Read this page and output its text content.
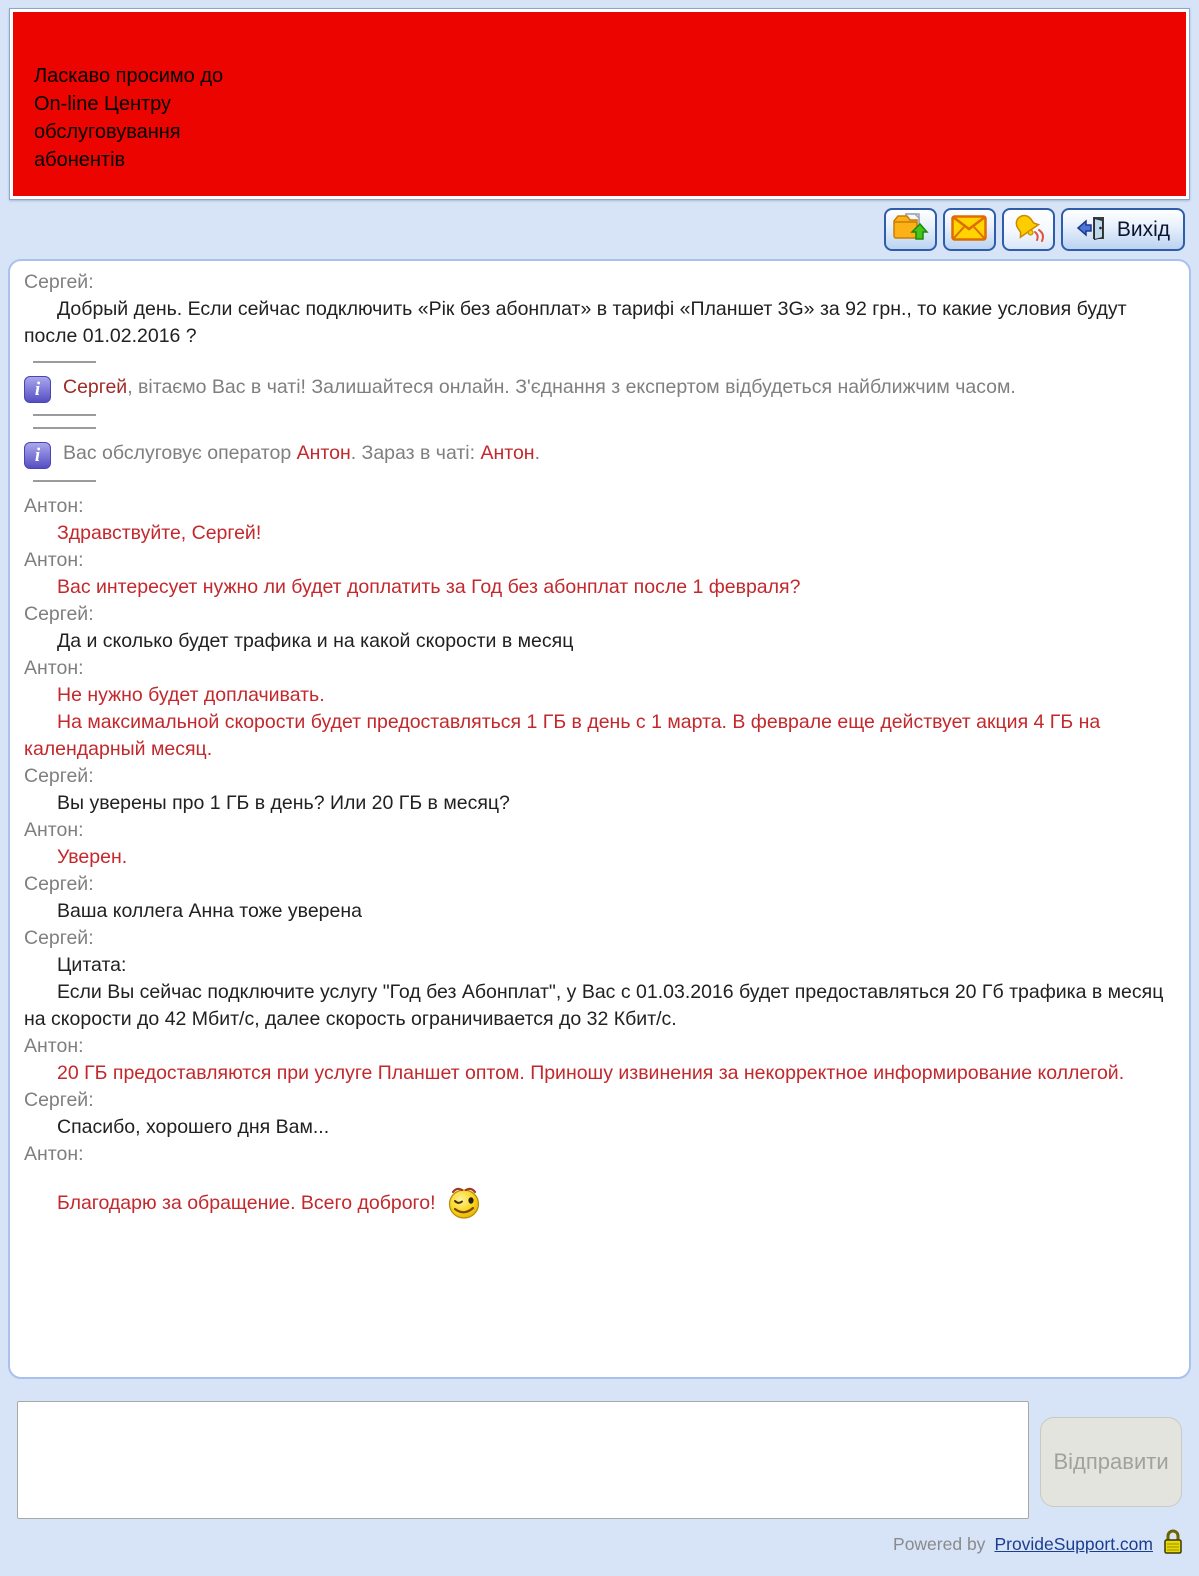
Ласкаво просимо до
On-line Центру
обслуговування
абонентів
Вихід
Сергей:

Добрый день. Если сейчас подключить «Рік без абонплат» в тарифі «Планшет 3G» за 92 грн., то какие условия будут после 01.02.2016 ?

i	Сергей, вітаємо Вас в чаті! Залишайтеся онлайн. З'єднання з експертом відбудеться найближчим часом.
i	Вас обслуговує оператор Антон. Зараз в чаті: Антон.
Антон:

Здравствуйте, Сергей!

Антон:

Вас интересует нужно ли будет доплатить за Год без абонплат после 1 февраля?

Сергей:

Да и сколько будет трафика и на какой скорости в месяц

Антон:

Не нужно будет доплачивать.

На максимальной скорости будет предоставляться 1 ГБ в день с 1 марта. В феврале еще действует акция 4 ГБ на календарный месяц.

Сергей:

Вы уверены про 1 ГБ в день? Или 20 ГБ в месяц?

Антон:

Уверен.

Сергей:

Ваша коллега Анна тоже уверена

Сергей:

Цитата:

Если Вы сейчас подключите услугу "Год без Абонплат", у Вас с 01.03.2016 будет предоставляться 20 Гб трафика в месяц на скорости до 42 Мбит/с, далее скорость ограничивается до 32 Кбит/с.

Антон:

20 ГБ предоставляются при услуге Планшет оптом. Приношу извинения за некорректное информирование коллегой.

Сергей:

Спасибо, хорошего дня Вам...

Антон:

Благодарю за обращение. Всего доброго!

Відправити
Powered by ProvideSupport.com
